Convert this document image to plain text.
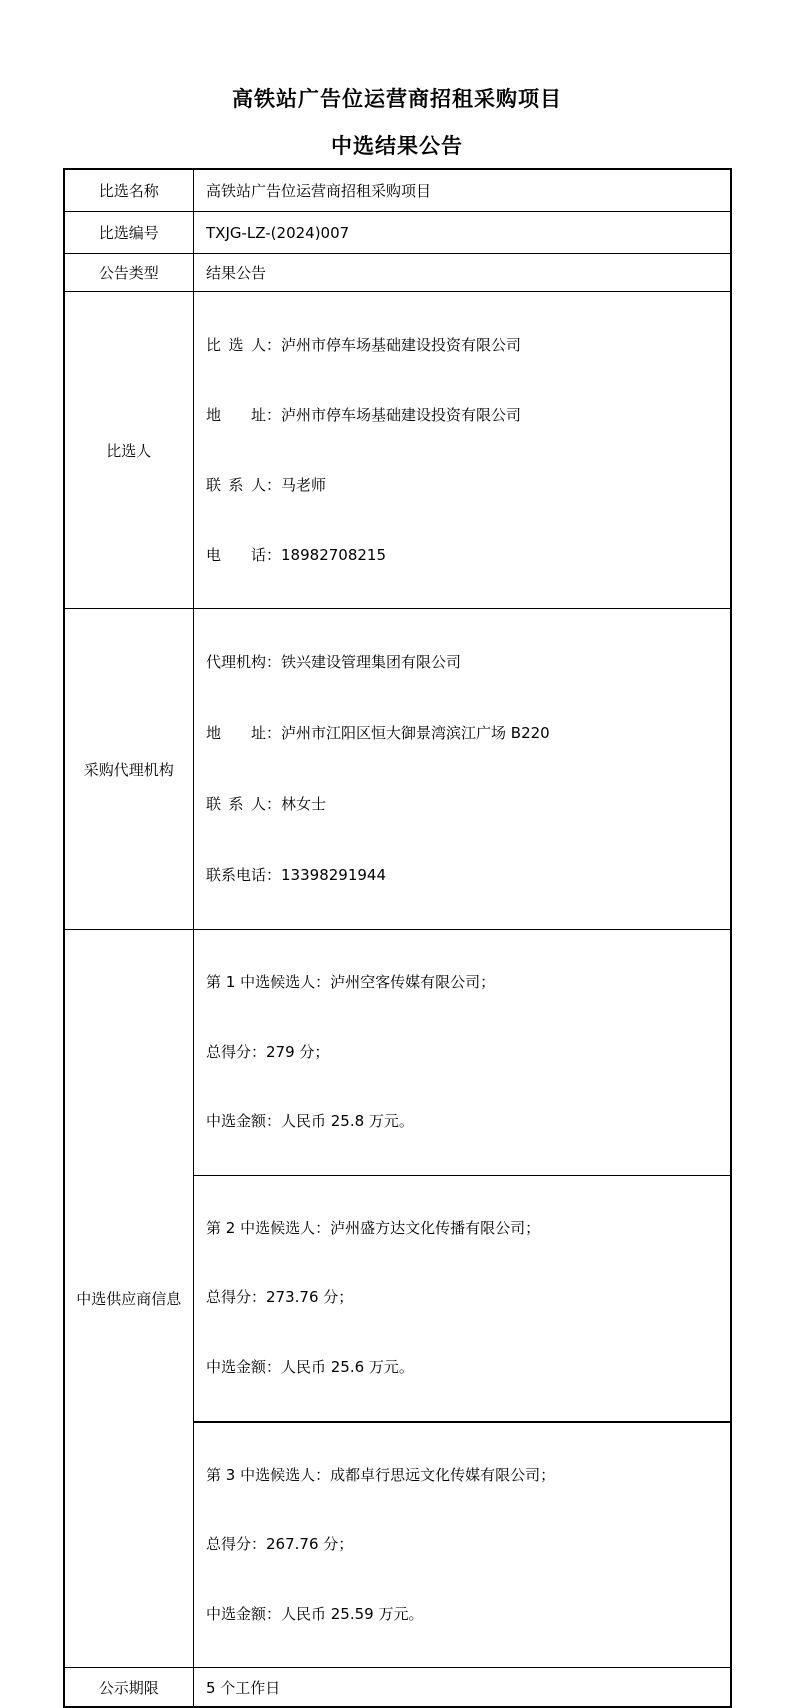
高铁站广告位运营商招租采购项目
中选结果公告
比选名称	高铁站广告位运营商招租采购项目
比选编号	TXJG-LZ-(2024)007
公告类型	结果公告
比选人	比选人：泸州市停车场基础建设投资有限公司

地址：泸州市停车场基础建设投资有限公司

联系人：马老师

电话：18982708215

采购代理机构	代理机构：铁兴建设管理集团有限公司

地址：泸州市江阳区恒大御景湾滨江广场 B220

联系人：林女士

联系电话：13398291944

中选供应商信息	第 1 中选候选人：泸州空客传媒有限公司；

总得分：279 分；

中选金额：人民币 25.8 万元。

	第 2 中选候选人：泸州盛方达文化传播有限公司；

总得分：273.76 分；

中选金额：人民币 25.6 万元。

	第 3 中选候选人：成都卓行思远文化传媒有限公司；

总得分：267.76 分；

中选金额：人民币 25.59 万元。

公示期限	5 个工作日
